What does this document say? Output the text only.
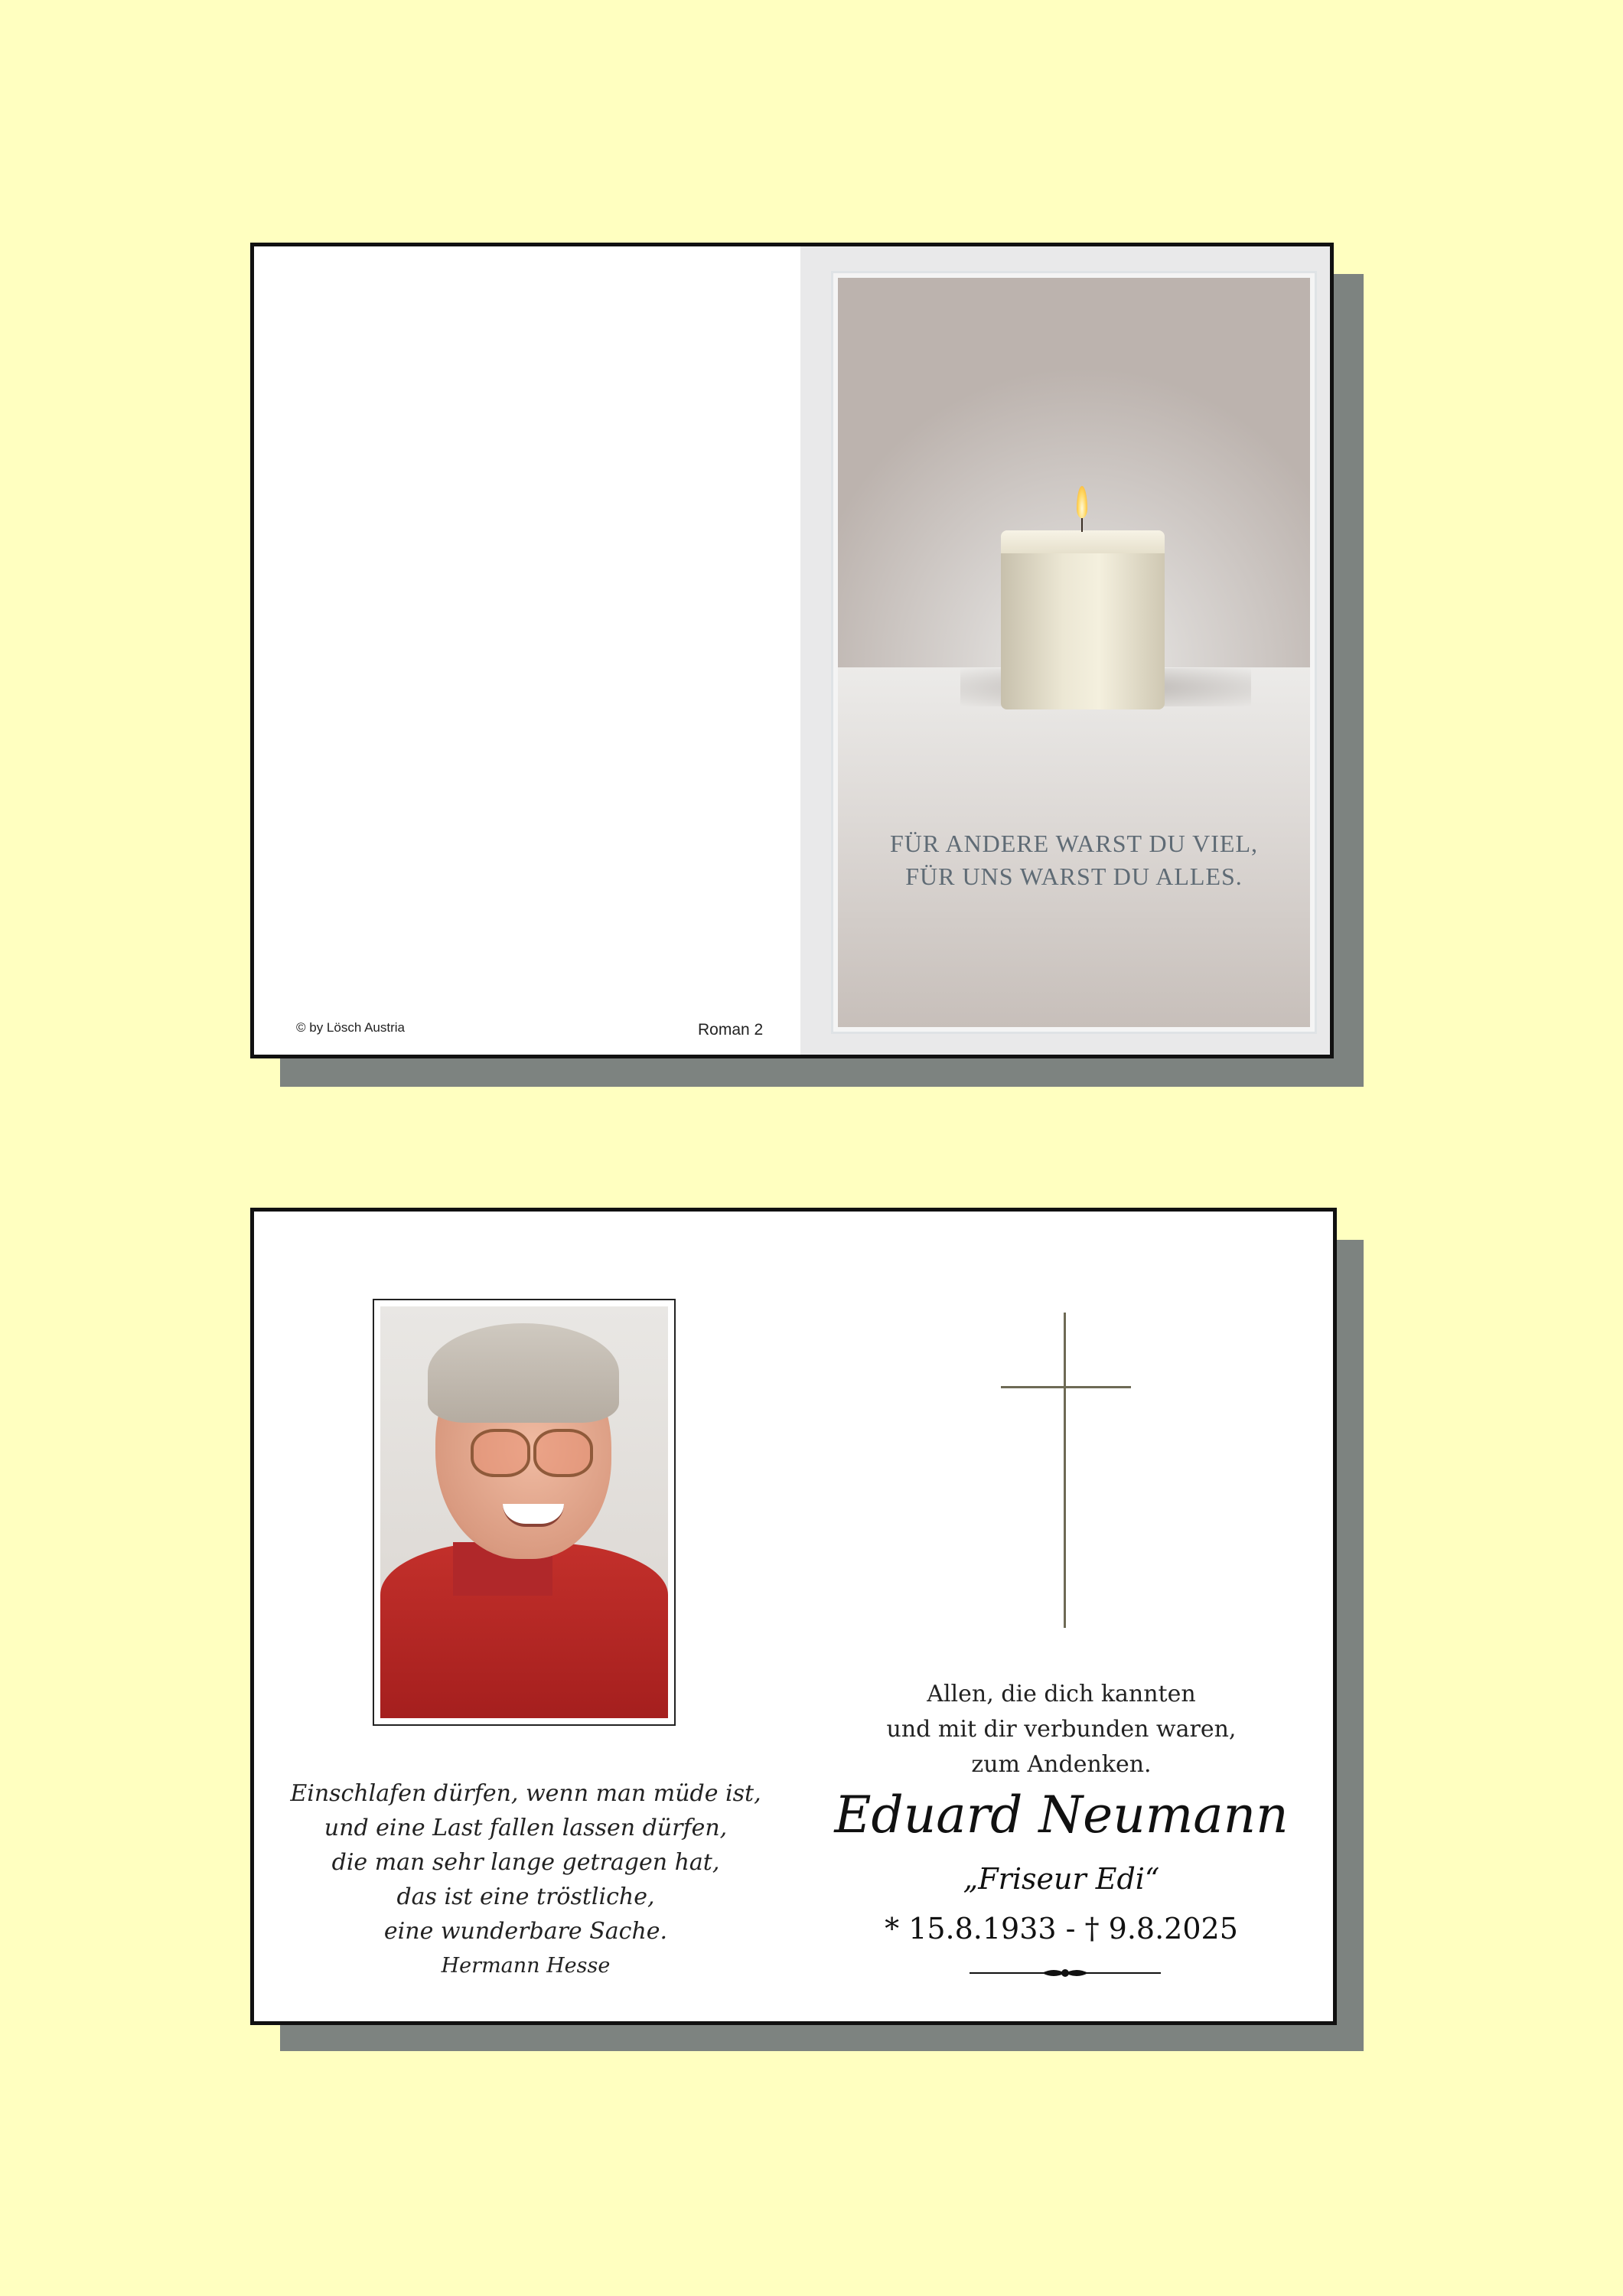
© by Lösch Austria	Roman 2
FÜR ANDERE WARST DU VIEL,
FÜR UNS WARST DU ALLES.
Einschlafen dürfen, wenn man müde ist,
und eine Last fallen lassen dürfen,
die man sehr lange getragen hat,
das ist eine tröstliche,
eine wunderbare Sache.
Hermann Hesse
Allen, die dich kannten
und mit dir verbunden waren,
zum Andenken.
Eduard Neumann
„Friseur Edi“
* 15.8.1933 - † 9.8.2025
